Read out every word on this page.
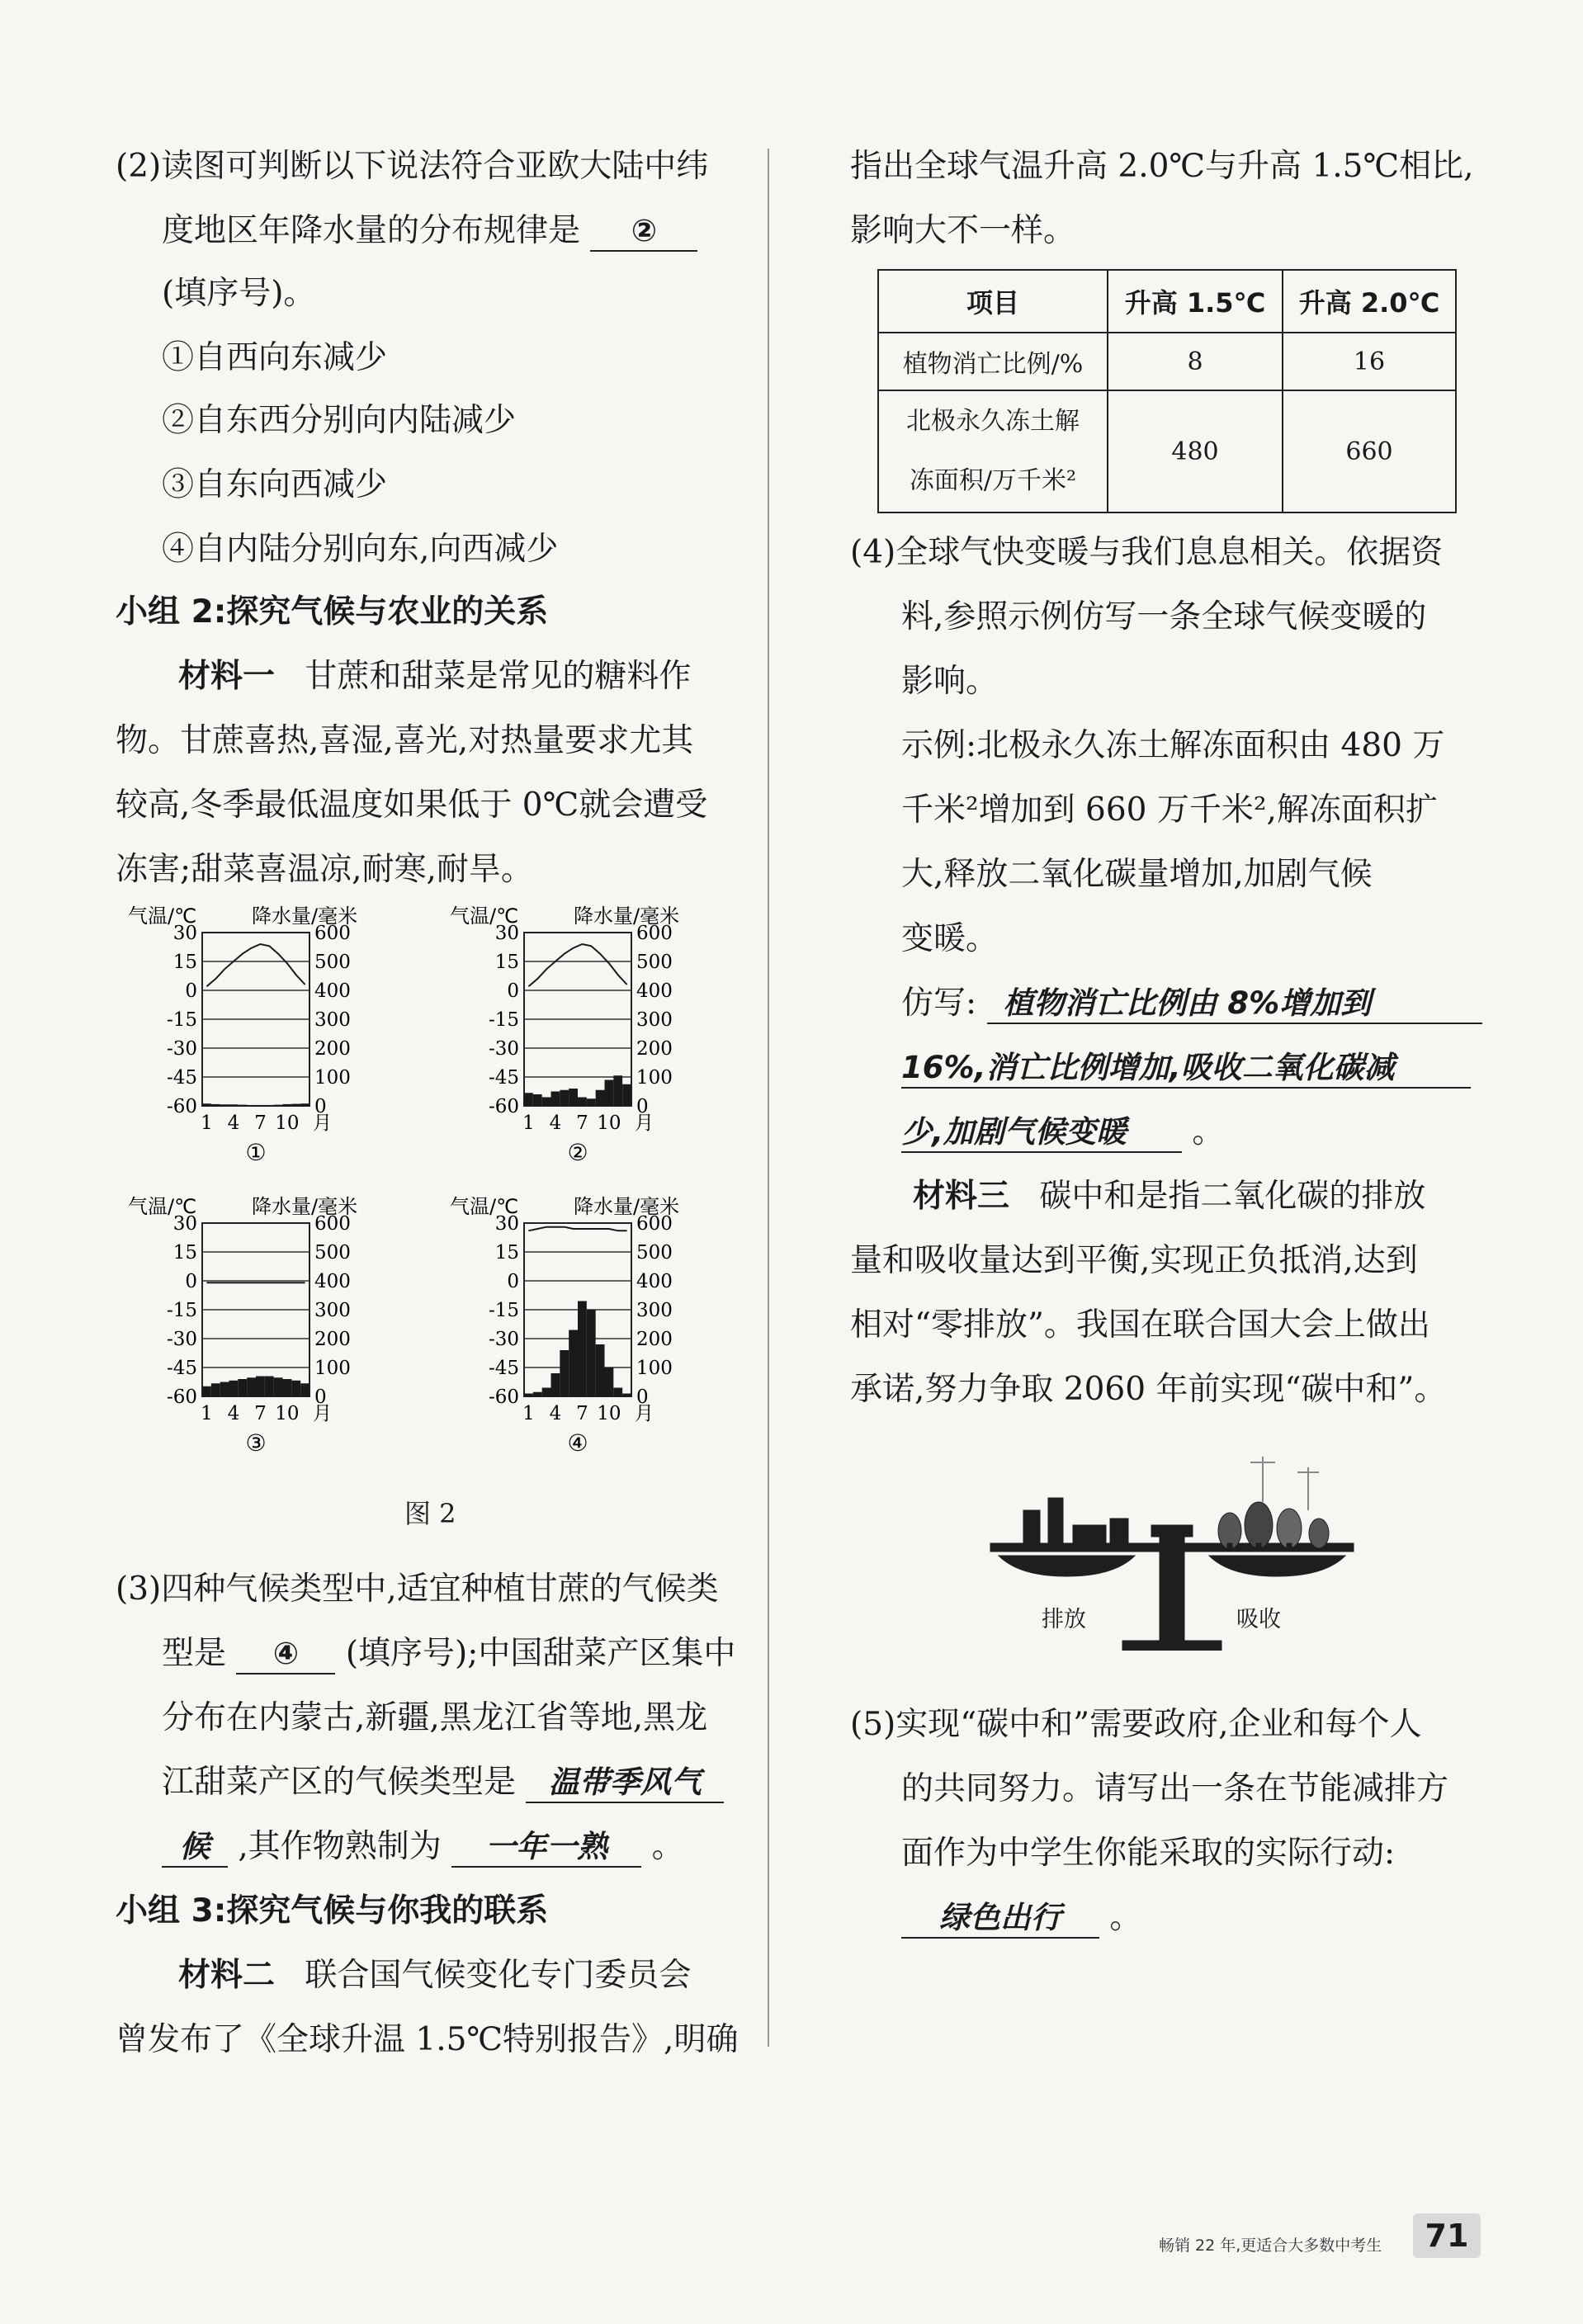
(2)读图可判断以下说法符合亚欧大陆中纬
度地区年降水量的分布规律是 ②
(填序号)。
①自西向东减少
②自东西分别向内陆减少
③自东向西减少
④自内陆分别向东,向西减少
小组 2:探究气候与农业的关系
材料一 甘蔗和甜菜是常见的糖料作
物。甘蔗喜热,喜湿,喜光,对热量要求尤其
较高,冬季最低温度如果低于 0℃就会遭受
冻害;甜菜喜温凉,耐寒,耐旱。
气温/℃	降水量/毫米
30	600
15	500
0	400
-15	300
-30	200
-45	100
-60	0
1 4 7 10 月
①
气温/℃	降水量/毫米
30	600
15	500
0	400
-15	300
-30	200
-45	100
-60	0
1 4 7 10 月
②
气温/℃	降水量/毫米
30	600
15	500
0	400
-15	300
-30	200
-45	100
-60	0
1 4 7 10 月
③
气温/℃	降水量/毫米
30	600
15	500
0	400
-15	300
-30	200
-45	100
-60	0
1 4 7 10 月
④
图 2
(3)四种气候类型中,适宜种植甘蔗的气候类
型是 ④ (填序号);中国甜菜产区集中
分布在内蒙古,新疆,黑龙江省等地,黑龙
江甜菜产区的气候类型是 温带季风气
候 ,其作物熟制为 一年一熟 。
小组 3:探究气候与你我的联系
材料二 联合国气候变化专门委员会
曾发布了《全球升温 1.5℃特别报告》,明确
指出全球气温升高 2.0℃与升高 1.5℃相比,
影响大不一样。
项目	升高 1.5℃	升高 2.0℃
植物消亡比例/%	8	16

北极永久冻土解
冻面积/万千米²	480	660
(4)全球气快变暖与我们息息相关。依据资
料,参照示例仿写一条全球气候变暖的
影响。
示例:北极永久冻土解冻面积由 480 万
千米²增加到 660 万千米²,解冻面积扩
大,释放二氧化碳量增加,加剧气候
变暖。
仿写: 植物消亡比例由 8%增加到
16%,消亡比例增加,吸收二氧化碳减
少,加剧气候变暖 。
材料三 碳中和是指二氧化碳的排放
量和吸收量达到平衡,实现正负抵消,达到
相对“零排放”。我国在联合国大会上做出
承诺,努力争取 2060 年前实现“碳中和”。
排放	吸收
(5)实现“碳中和”需要政府,企业和每个人
的共同努力。请写出一条在节能减排方
面作为中学生你能采取的实际行动:
绿色出行 。
畅销 22 年,更适合大多数中考生	71
